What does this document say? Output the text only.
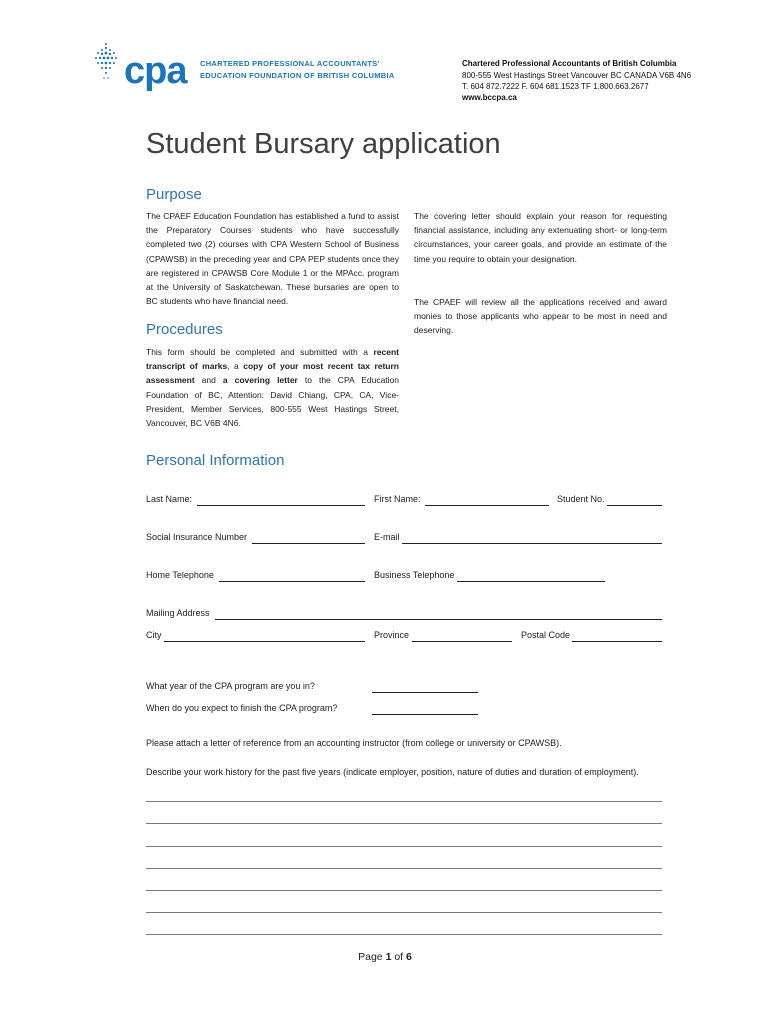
cpa CHARTERED PROFESSIONAL ACCOUNTANTS'
EDUCATION FOUNDATION OF BRITISH COLUMBIA
Chartered Professional Accountants of British Columbia
800-555 West Hastings Street Vancouver BC CANADA V6B 4N6
T. 604 872.7222 F. 604 681.1523 TF 1.800.663.2677
www.bccpa.ca
Student Bursary application
Purpose
The CPAEF Education Foundation has established a fund to assist the Preparatory Courses students who have successfully completed two (2) courses with CPA Western School of Business (CPAWSB) in the preceding year and CPA PEP students once they are registered in CPAWSB Core Module 1 or the MPAcc. program at the University of Saskatchewan. These bursaries are open to BC students who have financial need.
The covering letter should explain your reason for requesting financial assistance, including any extenuating short- or long-term circumstances, your career goals, and provide an estimate of the time you require to obtain your designation.
The CPAEF will review all the applications received and award monies to those applicants who appear to be most in need and deserving.
Procedures
This form should be completed and submitted with a recent transcript of marks, a copy of your most recent tax return assessment and a covering letter to the CPA Education Foundation of BC, Attention: David Chiang, CPA, CA, Vice-President, Member Services, 800-555 West Hastings Street, Vancouver, BC V6B 4N6.
Personal Information
Last Name:	First Name:	Student No.
Social Insurance Number	E-mail
Home Telephone	Business Telephone
Mailing Address
City	Province	Postal Code
What year of the CPA program are you in?
When do you expect to finish the CPA program?
Please attach a letter of reference from an accounting instructor (from college or university or CPAWSB).
Describe your work history for the past five years (indicate employer, position, nature of duties and duration of employment).
Page 1 of 6
